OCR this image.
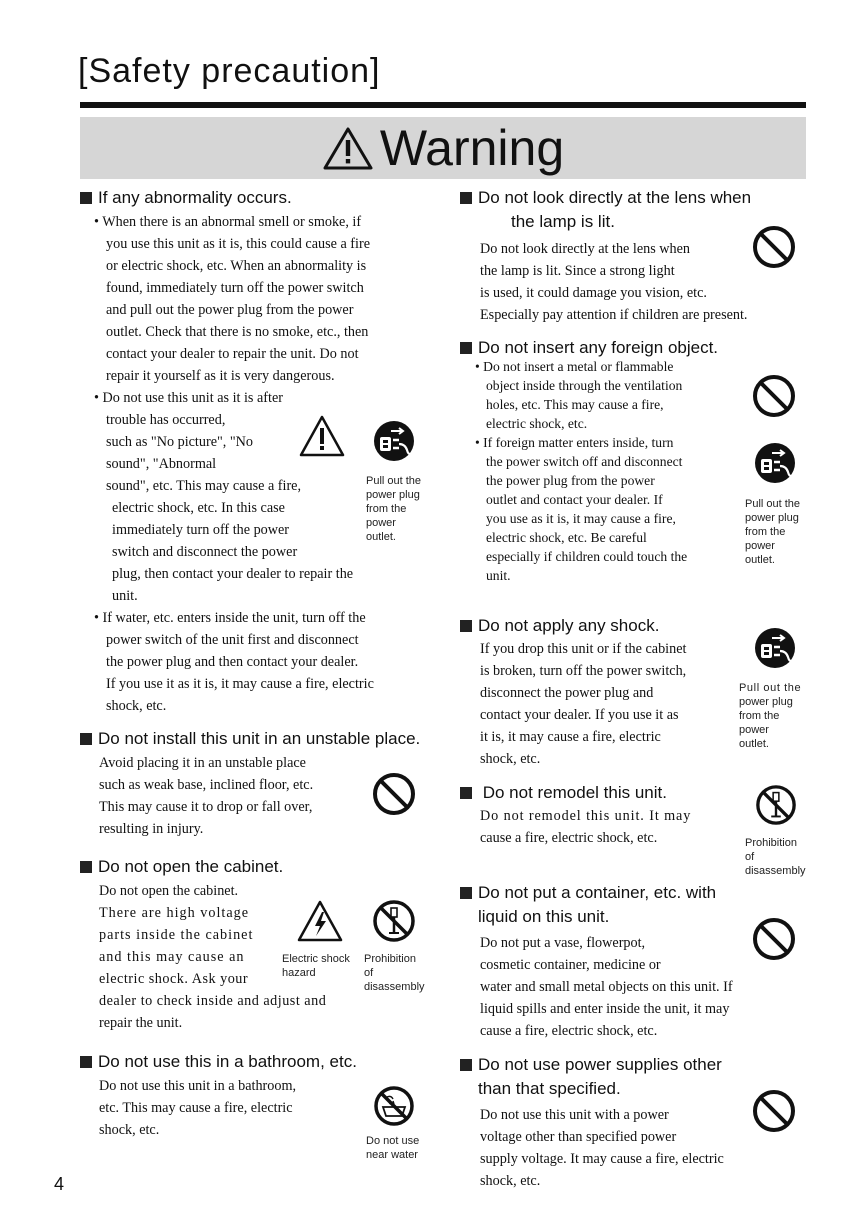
[Safety precaution]
Warning
If any abnormality occurs.
• When there is an abnormal smell or smoke, if
you use this unit as it is, this could cause a fire
or electric shock, etc. When an abnormality is
found, immediately turn off the power switch
and pull out the power plug from the power
outlet. Check that there is no smoke, etc., then
contact your dealer to repair the unit. Do not
repair it yourself as it is very dangerous.
• Do not use this unit as it is after
trouble has occurred,
such as "No picture", "No
sound", "Abnormal
sound", etc. This may cause a fire,
electric shock, etc. In this case
immediately turn off the power
switch and disconnect the power
plug, then contact your dealer to repair the
unit.
Pull out the
power plug
from the
power
outlet.
• If water, etc. enters inside the unit, turn off the
power switch of the unit first and disconnect
the power plug and then contact your dealer.
If you use it as it is, it may cause a fire, electric
shock, etc.
Do not install this unit in an unstable place.
Avoid placing it in an unstable place
such as weak base, inclined floor, etc.
This may cause it to drop or fall over,
resulting in injury.
Do not open the cabinet.
Do not open the cabinet.
There are high voltage
parts inside the cabinet
and this may cause an
electric shock. Ask your
dealer to check inside and adjust and
repair the unit.
Electric shock
hazard
Prohibition
of
disassembly
Do not use this in a bathroom, etc.
Do not use this unit in a bathroom,
etc. This may cause a fire, electric
shock, etc.
Do not use
near water
Do not look directly at the lens when
the lamp is lit.
Do not look directly at the lens when
the lamp is lit. Since a strong light
is used, it could damage you vision, etc.
Especially pay attention if children are present.
Do not insert any foreign object.
• Do not insert a metal or flammable
object inside through the ventilation
holes, etc. This may cause a fire,
electric shock, etc.
• If foreign matter enters inside, turn
the power switch off and disconnect
the power plug from the power
outlet and contact your dealer. If
you use as it is, it may cause a fire,
electric shock, etc. Be careful
especially if children could touch the
unit.
Pull out the
power plug
from the
power
outlet.
Do not apply any shock.
If you drop this unit or if the cabinet
is broken, turn off the power switch,
disconnect the power plug and
contact your dealer. If you use it as
it is, it may cause a fire, electric
shock, etc.
Pull out the
power plug
from the
power
outlet.
Do not remodel this unit.
Do not remodel this unit. It may
cause a fire, electric shock, etc.	Prohibition
of
disassembly
Do not put a container, etc. with
liquid on this unit.
Do not put a vase, flowerpot,
cosmetic container, medicine or
water and small metal objects on this unit. If
liquid spills and enter inside the unit, it may
cause a fire, electric shock, etc.
Do not use power supplies other
than that specified.
Do not use this unit with a power
voltage other than specified power
supply voltage. It may cause a fire, electric
shock, etc.
4
